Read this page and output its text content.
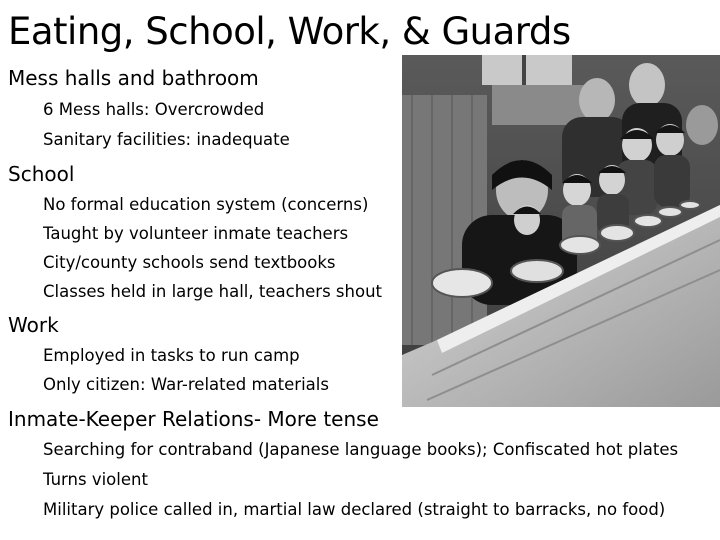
Eating, School, Work, & Guards
Mess halls and bathroom
6 Mess halls: Overcrowded
Sanitary facilities: inadequate
School
No formal education system (concerns)
Taught by volunteer inmate teachers
City/county schools send textbooks
Classes held in large hall, teachers shout
Work
Employed in tasks to run camp
Only citizen: War-related materials
Inmate-Keeper Relations- More tense
Searching for contraband (Japanese language books); Confiscated hot plates
Turns violent
Military police called in, martial law declared (straight to barracks, no food)
